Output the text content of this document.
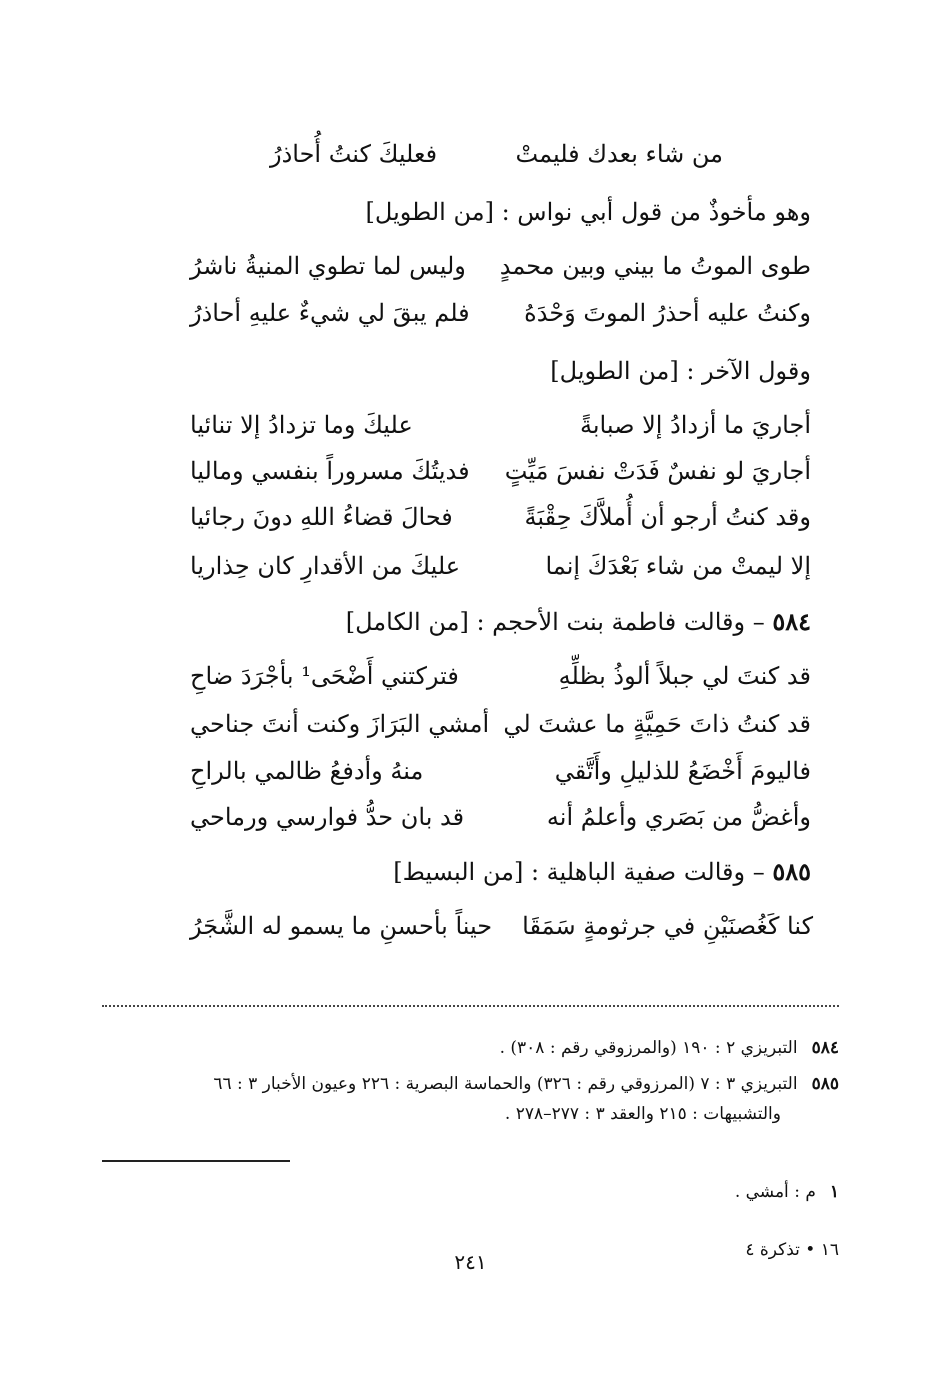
من شاء بعدك فليمتْ
فعليكَ كنتُ أُحاذرُ
وهو مأخوذٌ من قول أبي نواس : [من الطويل]
طوى الموتُ ما بيني وبين محمدٍ
وليس لما تطوي المنيةُ ناشرُ
وكنتُ عليه أحذرُ الموتَ وَحْدَهُ
فلم يبقَ لي شيءٌ عليهِ أحاذرُ
وقول الآخر : [من الطويل]
أجاريَ ما أزدادُ إلا صبابةً
عليكَ وما تزدادُ إلا تنائيا
أجاريَ لو نفسٌ فَدَتْ نفسَ مَيِّتٍ
فديتُكَ مسروراً بنفسي وماليا
وقد كنتُ أرجو أن أُملاَّكَ حِقْبَةً
فحالَ قضاءُ اللهِ دونَ رجائيا
إلا ليمتْ من شاء بَعْدَكَ إنما
عليكَ من الأقدارِ كان حِذاريا
٥٨٤ – وقالت فاطمة بنت الأحجم : [من الكامل]
قد كنتَ لي جبلاً ألوذُ بظلِّهِ
فتركتني أَضْحَى¹ بأجْرَدَ ضاحِ
قد كنتُ ذاتَ حَمِيَّةٍ ما عشتَ لي
أمشي البَرَازَ وكنت أنتَ جناحي
فاليومَ أَخْضَعُ للذليلِ وأَتَّقي
منهُ وأدفعُ ظالمي بالراحِ
وأغضُّ من بَصَري وأعلمُ أنه
قد بان حدُّ فوارسي ورماحي
٥٨٥ – وقالت صفية الباهلية : [من البسيط]
كنا كَغُصنَيْنِ في جرثومةٍ سَمَقَا
حيناً بأحسنِ ما يسمو له الشَّجَرُ
٥٨٤التبريزي ٢ : ١٩٠ (والمرزوقي رقم : ٣٠٨) .
٥٨٥التبريزي ٣ : ٧ (المرزوقي رقم : ٣٢٦) والحماسة البصرية : ٢٢٦ وعيون الأخبار ٣ : ٦٦
والتشبيهات : ٢١٥ والعقد ٣ : ٢٧٧–٢٧٨ .
١م : أمشي .
١٦ • تذكرة ٤
٢٤١
